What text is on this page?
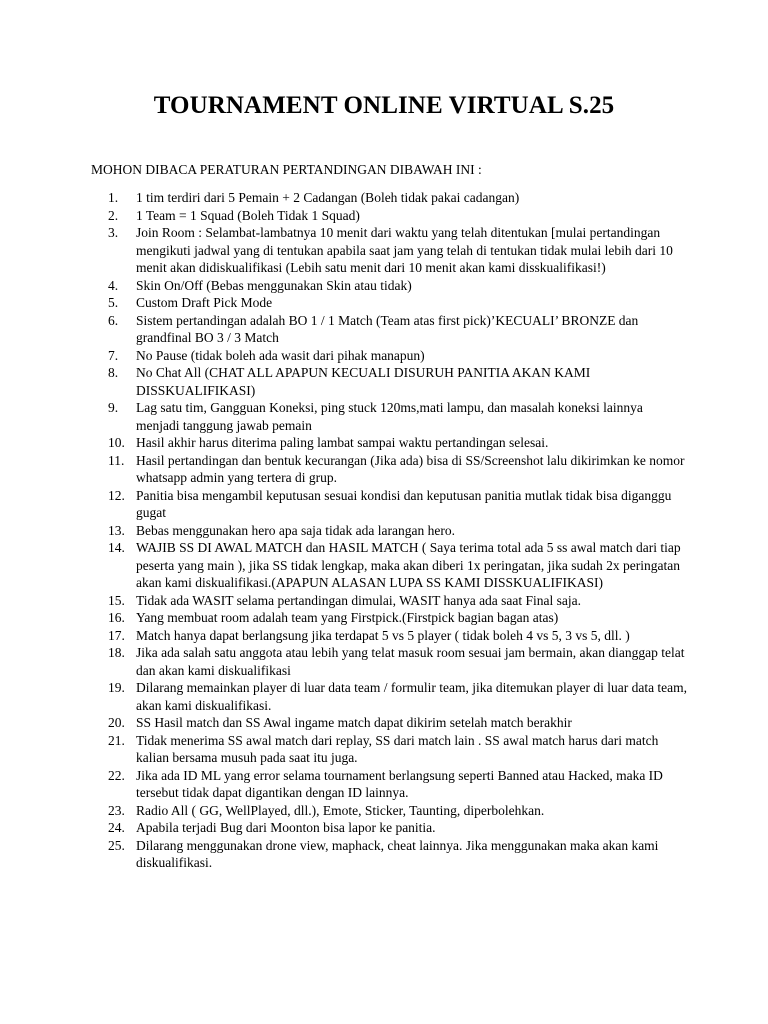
TOURNAMENT ONLINE VIRTUAL S.25

MOHON DIBACA PERATURAN PERTANDINGAN DIBAWAH INI :

1.	1 tim terdiri dari 5 Pemain + 2 Cadangan (Boleh tidak pakai cadangan)
2.	1 Team = 1 Squad (Boleh Tidak 1 Squad)
3.	Join Room : Selambat-lambatnya 10 menit dari waktu yang telah ditentukan [mulai pertandingan mengikuti jadwal yang di tentukan apabila saat jam yang telah di tentukan tidak mulai lebih dari 10 menit akan didiskualifikasi (Lebih satu menit dari 10 menit akan kami disskualifikasi!)
4.	Skin On/Off (Bebas menggunakan Skin atau tidak)
5.	Custom Draft Pick Mode
6.	Sistem pertandingan adalah BO 1 / 1 Match (Team atas first pick)’KECUALI’ BRONZE dan grandfinal BO 3 / 3 Match
7.	No Pause (tidak boleh ada wasit dari pihak manapun)
8.	No Chat All (CHAT ALL APAPUN KECUALI DISURUH PANITIA AKAN KAMI DISSKUALIFIKASI)
9.	Lag satu tim, Gangguan Koneksi, ping stuck 120ms,mati lampu, dan masalah koneksi lainnya menjadi tanggung jawab pemain
10. Hasil akhir harus diterima paling lambat sampai waktu pertandingan selesai.
11. Hasil pertandingan dan bentuk kecurangan (Jika ada) bisa di SS/Screenshot lalu dikirimkan ke nomor whatsapp admin yang tertera di grup.
12. Panitia bisa mengambil keputusan sesuai kondisi dan keputusan panitia mutlak tidak bisa diganggu gugat
13. Bebas menggunakan hero apa saja tidak ada larangan hero.
14. WAJIB SS DI AWAL MATCH dan HASIL MATCH ( Saya terima total ada 5 ss awal match dari tiap peserta yang main ), jika SS tidak lengkap, maka akan diberi 1x peringatan, jika sudah 2x peringatan akan kami diskualifikasi.(APAPUN ALASAN LUPA SS KAMI DISSKUALIFIKASI)
15. Tidak ada WASIT selama pertandingan dimulai, WASIT hanya ada saat Final saja.
16. Yang membuat room adalah team yang Firstpick.(Firstpick bagian bagan atas)
17. Match hanya dapat berlangsung jika terdapat 5 vs 5 player ( tidak boleh 4 vs 5, 3 vs 5, dll. )
18. Jika ada salah satu anggota atau lebih yang telat masuk room sesuai jam bermain, akan dianggap telat dan akan kami diskualifikasi
19. Dilarang memainkan player di luar data team / formulir team, jika ditemukan player di luar data team, akan kami diskualifikasi.
20. SS Hasil match dan SS Awal ingame match dapat dikirim setelah match berakhir
21. Tidak menerima SS awal match dari replay, SS dari match lain . SS awal match harus dari match kalian bersama musuh pada saat itu juga.
22. Jika ada ID ML yang error selama tournament berlangsung seperti Banned atau Hacked, maka ID tersebut tidak dapat digantikan dengan ID lainnya.
23. Radio All ( GG, WellPlayed, dll.), Emote, Sticker, Taunting, diperbolehkan.
24. Apabila terjadi Bug dari Moonton bisa lapor ke panitia.
25. Dilarang menggunakan drone view, maphack, cheat lainnya. Jika menggunakan maka akan kami diskualifikasi.
